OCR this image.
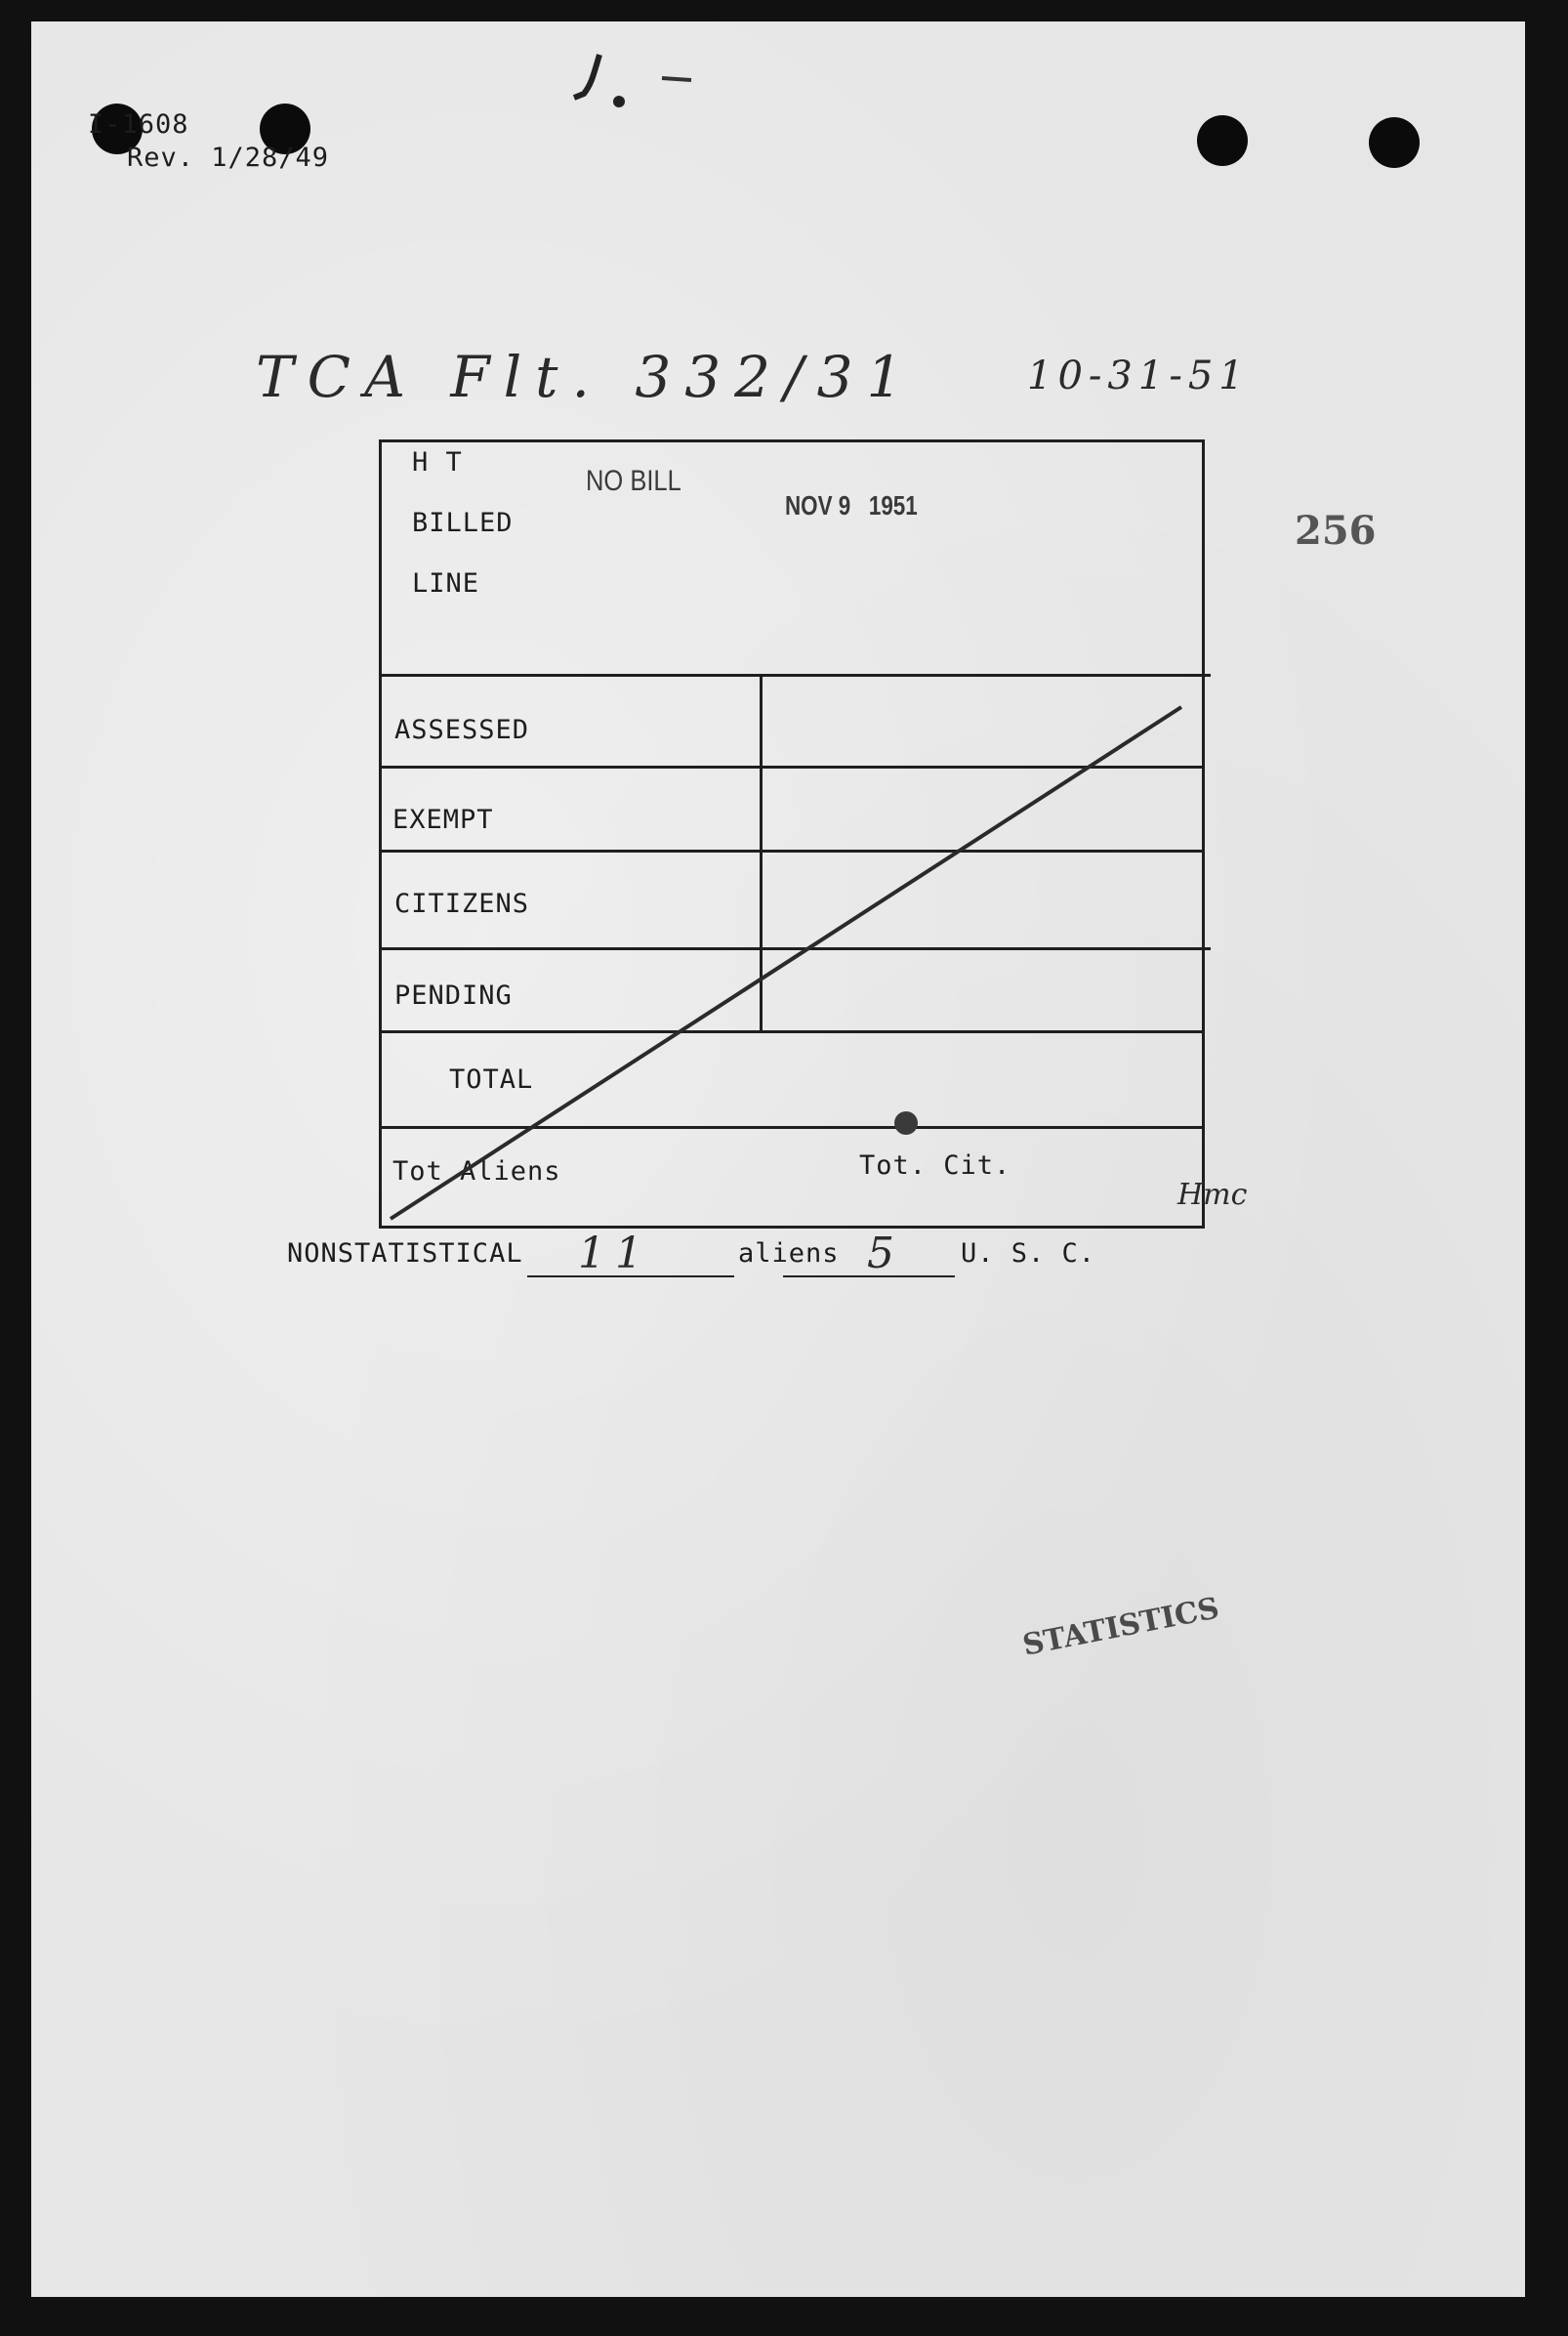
I-1608
Rev. 1/28/49
TCA Flt. 332/31	10-31-51
256
H T
BILLED
LINE
NO BILL
NOV 9   1951
ASSESSED
EXEMPT
CITIZENS
PENDING
TOTAL
Tot Aliens	Tot. Cit.
Hmc
NONSTATISTICAL 11	aliens 5	U. S. C.
STATISTICS
